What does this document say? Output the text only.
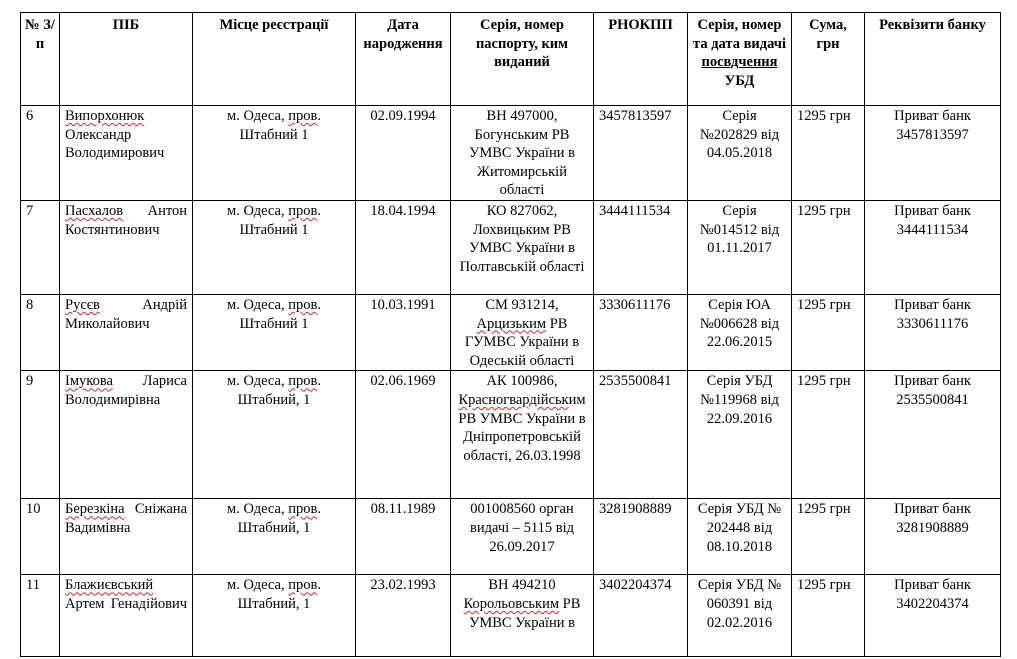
№ З/п	ПІБ	Місце реєстрації	Дата народження	Серія, номер паспорту, ким виданий	РНОКПП	Серія, номер та дата видачі посвдчення УБД	Сума, грн	Реквізити банку
6	Випорхонюк Олександр Володимирович	м. Одеса, пров. Штабний 1	02.09.1994	ВН 497000, Богунським РВ УМВС України в Житомирській області	3457813597	Серія №202829 від 04.05.2018	1295 грн	Приват банк 3457813597
7	Пасхалов Антон Костянтинович	м. Одеса, пров. Штабний 1	18.04.1994	КО 827062, Лохвицьким РВ УМВС України в Полтавській області	3444111534	Серія №014512 від 01.11.2017	1295 грн	Приват банк 3444111534
8	Русєв Андрій Миколайович	м. Одеса, пров. Штабний 1	10.03.1991	СМ 931214, Арцизьким РВ ГУМВС України в Одеській області	3330611176	Серія ЮА №006628 від 22.06.2015	1295 грн	Приват банк 3330611176
9	Імукова Лариса Володимирівна	м. Одеса, пров. Штабний, 1	02.06.1969	АК 100986, Красногвардійським РВ УМВС України в Дніпропетровській області, 26.03.1998	2535500841	Серія УБД №119968 від 22.09.2016	1295 грн	Приват банк 2535500841
10	Березкіна Сніжана Вадимівна	м. Одеса, пров. Штабний, 1	08.11.1989	001008560 орган видачі – 5115 від 26.09.2017	3281908889	Серія УБД № 202448 від 08.10.2018	1295 грн	Приват банк 3281908889
11	Блажиєвський Артем Генадійович	м. Одеса, пров. Штабний, 1	23.02.1993	ВН 494210 Корольовським РВ УМВС України в	3402204374	Серія УБД № 060391 від 02.02.2016	1295 грн	Приват банк 3402204374
